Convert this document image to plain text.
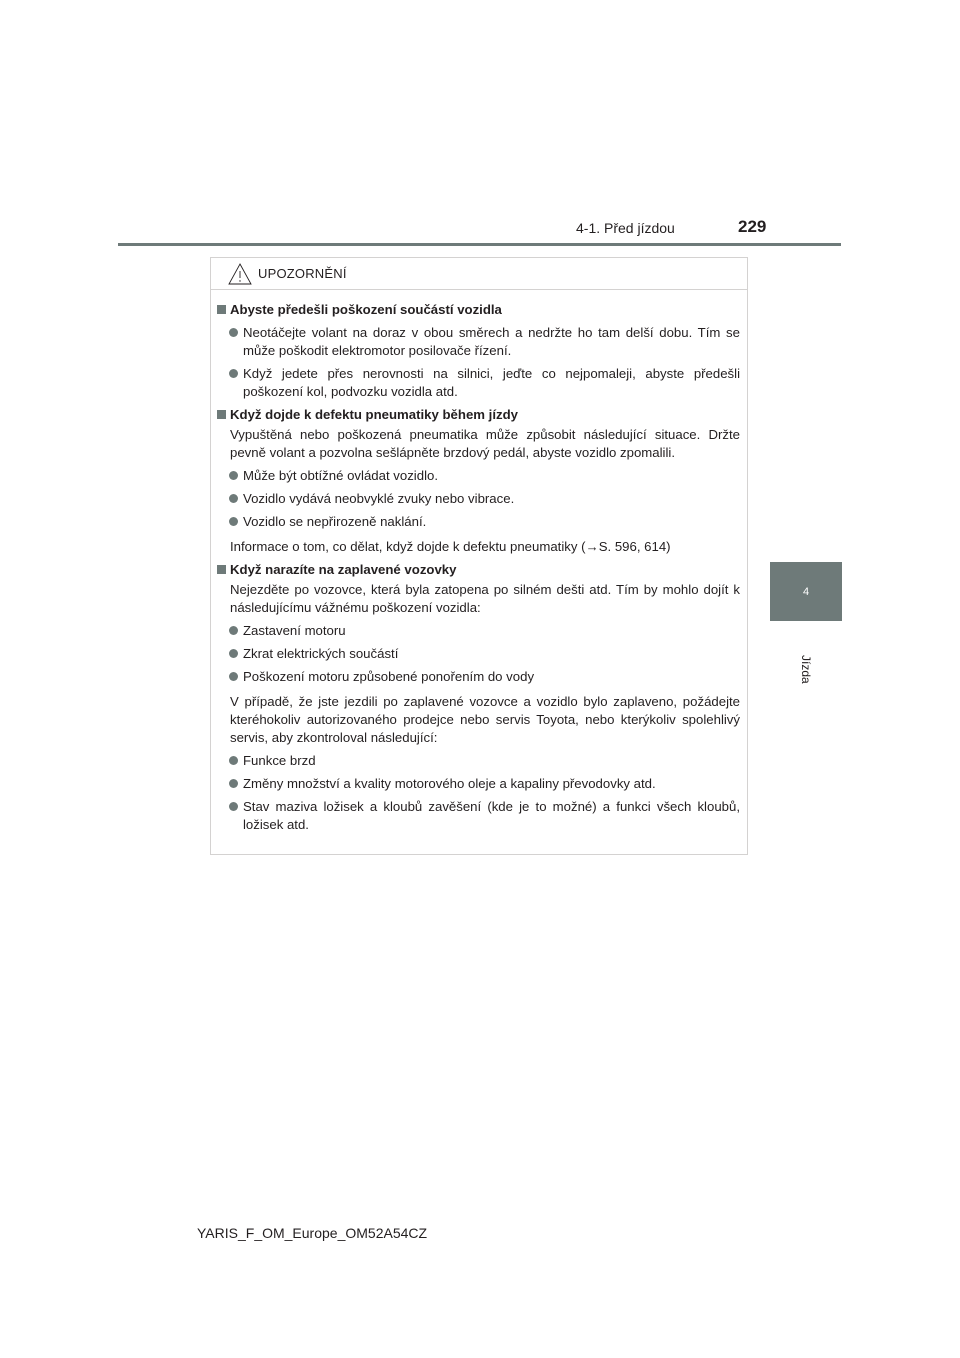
4-1. Před jízdou	229
4
Jízda
UPOZORNĚNÍ
Abyste předešli poškození součástí vozidla
Neotáčejte volant na doraz v obou směrech a nedržte ho tam delší dobu. Tím se může poškodit elektromotor posilovače řízení.
Když jedete přes nerovnosti na silnici, jeďte co nejpomaleji, abyste předešli poškození kol, podvozku vozidla atd.
Když dojde k defektu pneumatiky během jízdy
Vypuštěná nebo poškozená pneumatika může způsobit následující situace. Držte pevně volant a pozvolna sešlápněte brzdový pedál, abyste vozidlo zpomalili.
Může být obtížné ovládat vozidlo.
Vozidlo vydává neobvyklé zvuky nebo vibrace.
Vozidlo se nepřirozeně naklání.
Informace o tom, co dělat, když dojde k defektu pneumatiky (→S. 596, 614)
Když narazíte na zaplavené vozovky
Nejezděte po vozovce, která byla zatopena po silném dešti atd. Tím by mohlo dojít k následujícímu vážnému poškození vozidla:
Zastavení motoru
Zkrat elektrických součástí
Poškození motoru způsobené ponořením do vody
V případě, že jste jezdili po zaplavené vozovce a vozidlo bylo zaplaveno, požádejte kteréhokoliv autorizovaného prodejce nebo servis Toyota, nebo kterýkoliv spolehlivý servis, aby zkontroloval následující:
Funkce brzd
Změny množství a kvality motorového oleje a kapaliny převodovky atd.
Stav maziva ložisek a kloubů zavěšení (kde je to možné) a funkci všech kloubů, ložisek atd.
YARIS_F_OM_Europe_OM52A54CZ
